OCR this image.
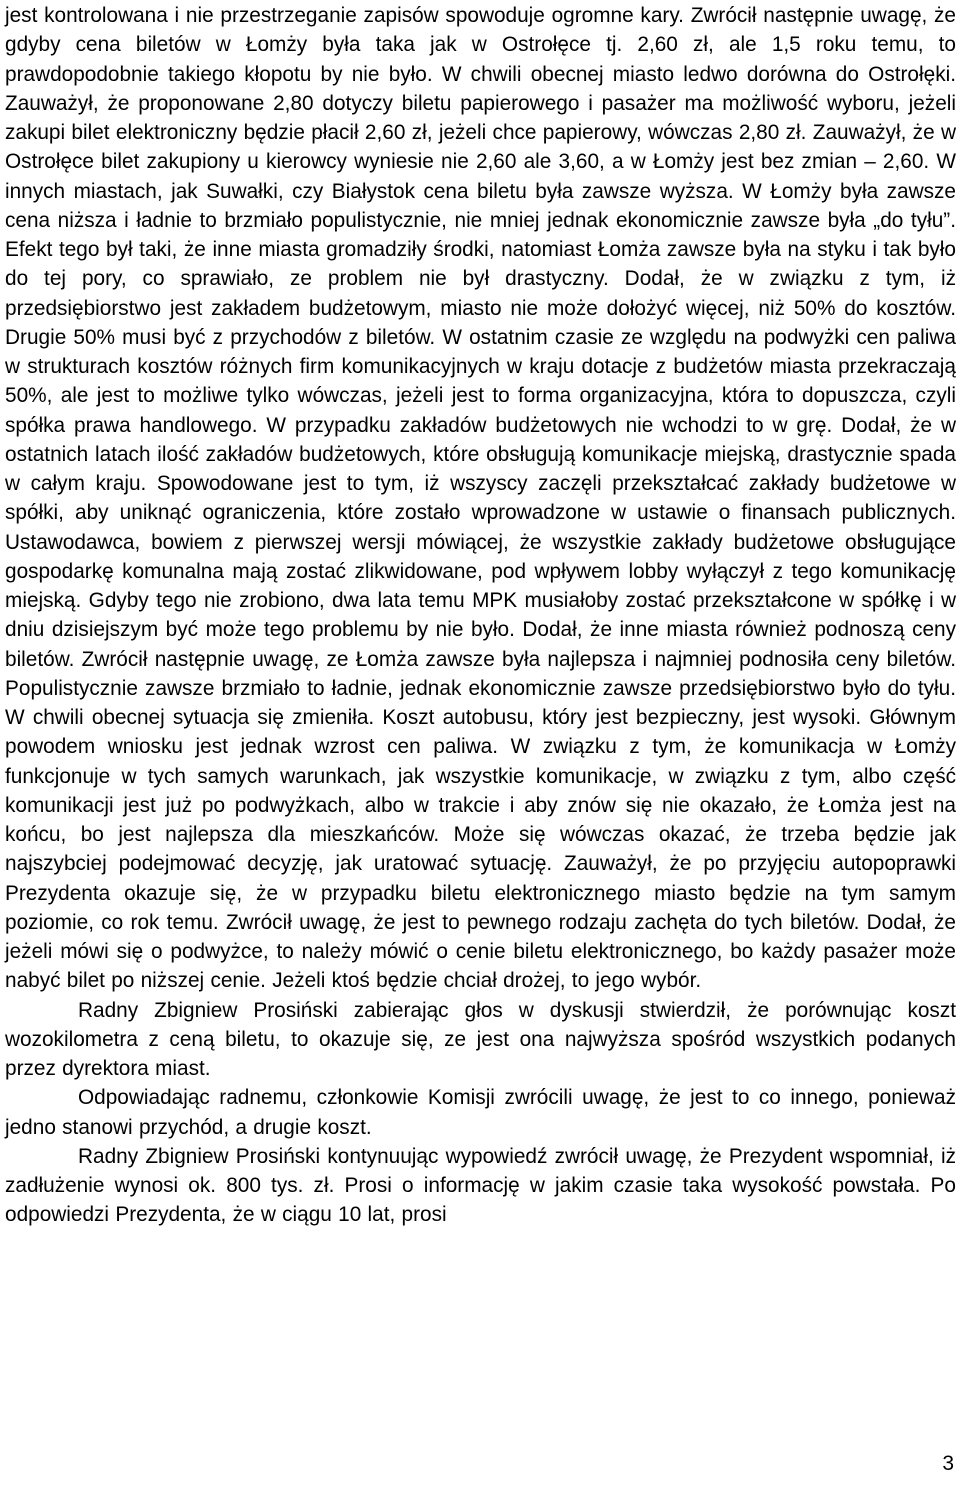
jest kontrolowana i nie przestrzeganie zapisów spowoduje ogromne kary. Zwrócił następnie uwagę, że gdyby cena biletów w Łomży była taka jak w Ostrołęce tj. 2,60 zł, ale 1,5 roku temu, to prawdopodobnie takiego kłopotu by nie było. W chwili obecnej miasto ledwo dorówna do Ostrołęki. Zauważył, że proponowane 2,80 dotyczy biletu papierowego i pasażer ma możliwość wyboru, jeżeli zakupi bilet elektroniczny będzie płacił 2,60 zł, jeżeli chce papierowy, wówczas 2,80 zł. Zauważył, że w Ostrołęce bilet zakupiony u kierowcy wyniesie nie 2,60 ale 3,60, a w Łomży jest bez zmian – 2,60. W innych miastach, jak Suwałki, czy Białystok cena biletu była zawsze wyższa. W Łomży była zawsze cena niższa i ładnie to brzmiało populistycznie, nie mniej jednak ekonomicznie zawsze była „do tyłu”. Efekt tego był taki, że inne miasta gromadziły środki, natomiast Łomża zawsze była na styku i tak było do tej pory, co sprawiało, ze problem nie był drastyczny. Dodał, że w związku z tym, iż przedsiębiorstwo jest zakładem budżetowym, miasto nie może dołożyć więcej, niż 50% do kosztów. Drugie 50% musi być z przychodów z biletów. W ostatnim czasie ze względu na podwyżki cen paliwa w strukturach kosztów różnych firm komunikacyjnych w kraju dotacje z budżetów miasta przekraczają 50%, ale jest to możliwe tylko wówczas, jeżeli jest to forma organizacyjna, która to dopuszcza, czyli spółka prawa handlowego. W przypadku zakładów budżetowych nie wchodzi to w grę. Dodał, że w ostatnich latach ilość zakładów budżetowych, które obsługują komunikacje miejską, drastycznie spada w całym kraju. Spowodowane jest to tym, iż wszyscy zaczęli przekształcać zakłady budżetowe w spółki, aby uniknąć ograniczenia, które zostało wprowadzone w ustawie o finansach publicznych. Ustawodawca, bowiem z pierwszej wersji mówiącej, że wszystkie zakłady budżetowe obsługujące gospodarkę komunalna mają zostać zlikwidowane, pod wpływem lobby wyłączył z tego komunikację miejską. Gdyby tego nie zrobiono, dwa lata temu MPK musiałoby zostać przekształcone w spółkę i w dniu dzisiejszym być może tego problemu by nie było. Dodał, że inne miasta również podnoszą ceny biletów. Zwrócił następnie uwagę, ze Łomża zawsze była najlepsza i najmniej podnosiła ceny biletów. Populistycznie zawsze brzmiało to ładnie, jednak ekonomicznie zawsze przedsiębiorstwo było do tyłu. W chwili obecnej sytuacja się zmieniła. Koszt autobusu, który jest bezpieczny, jest wysoki. Głównym powodem wniosku jest jednak wzrost cen paliwa. W związku z tym, że komunikacja w Łomży funkcjonuje w tych samych warunkach, jak wszystkie komunikacje, w związku z tym, albo część komunikacji jest już po podwyżkach, albo w trakcie i aby znów się nie okazało, że Łomża jest na końcu, bo jest najlepsza dla mieszkańców. Może się wówczas okazać, że trzeba będzie jak najszybciej podejmować decyzję, jak uratować sytuację. Zauważył, że po przyjęciu autopoprawki Prezydenta okazuje się, że w przypadku biletu elektronicznego miasto będzie na tym samym poziomie, co rok temu. Zwrócił uwagę, że jest to pewnego rodzaju zachęta do tych biletów. Dodał, że jeżeli mówi się o podwyżce, to należy mówić o cenie biletu elektronicznego, bo każdy pasażer może nabyć bilet po niższej cenie. Jeżeli ktoś będzie chciał drożej, to jego wybór.

Radny Zbigniew Prosiński zabierając głos w dyskusji stwierdził, że porównując koszt wozokilometra z ceną biletu, to okazuje się, ze jest ona najwyższa spośród wszystkich podanych przez dyrektora miast.

Odpowiadając radnemu, członkowie Komisji zwrócili uwagę, że jest to co innego, ponieważ jedno stanowi przychód, a drugie koszt.

Radny Zbigniew Prosiński kontynuując wypowiedź zwrócił uwagę, że Prezydent wspomniał, iż zadłużenie wynosi ok. 800 tys. zł. Prosi o informację w jakim czasie taka wysokość powstała. Po odpowiedzi Prezydenta, że w ciągu 10 lat, prosi

3
